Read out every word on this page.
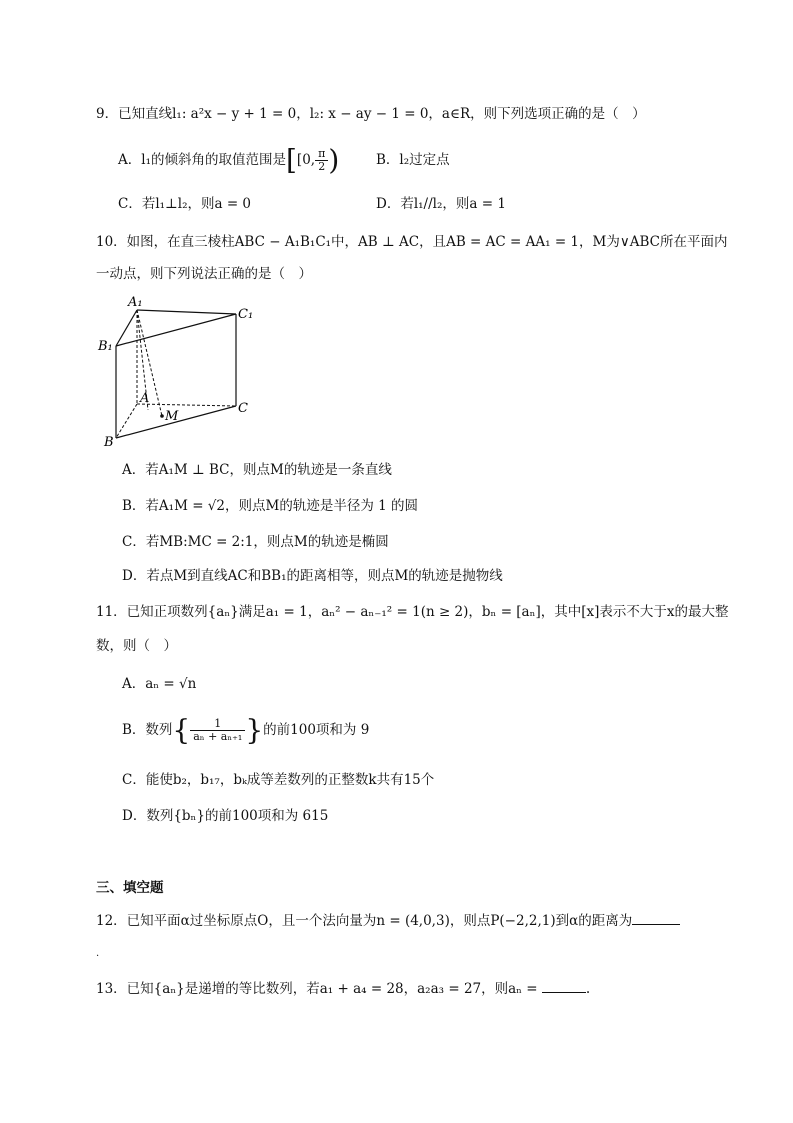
9．已知直线l₁: a²x − y + 1 = 0，l₂: x − ay − 1 = 0，a∈R，则下列选项正确的是（　）
A．l₁的倾斜角的取值范围是[[0, $\frac{\pi}{2}$ )	B．l₂过定点
C．若l₁⊥l₂，则a = 0	D．若l₁//l₂，则a = 1
10．如图，在直三棱柱ABC − A₁B₁C₁中，AB ⊥ AC，且AB = AC = AA₁ = 1，M为∨ABC所在平面内
一动点，则下列说法正确的是（　）
A₁
C₁
B₁
A
M
B
C
A．若A₁M ⊥ BC，则点M的轨迹是一条直线
B．若A₁M = √2，则点M的轨迹是半径为 1 的圆
C．若MB:MC = 2:1，则点M的轨迹是椭圆
D．若点M到直线AC和BB₁的距离相等，则点M的轨迹是抛物线
11．已知正项数列{aₙ}满足a₁ = 1，aₙ² − aₙ₋₁² = 1(n ≥ 2)，bₙ = [aₙ]，其中[x]表示不大于x的最大整
数，则（　）
A．aₙ = √n
B．数列{ $\frac{1}{\text{aₙ + aₙ₊₁}}$ }的前100项和为 9
C．能使b₂，b₁₇，bₖ成等差数列的正整数k共有15个
D．数列{bₙ}的前100项和为 615
三、填空题
12．已知平面α过坐标原点O，且一个法向量为n = (4,0,3)，则点P(−2,2,1)到α的距离为
.
13．已知{aₙ}是递增的等比数列，若a₁ + a₄ = 28，a₂a₃ = 27，则aₙ =	.
